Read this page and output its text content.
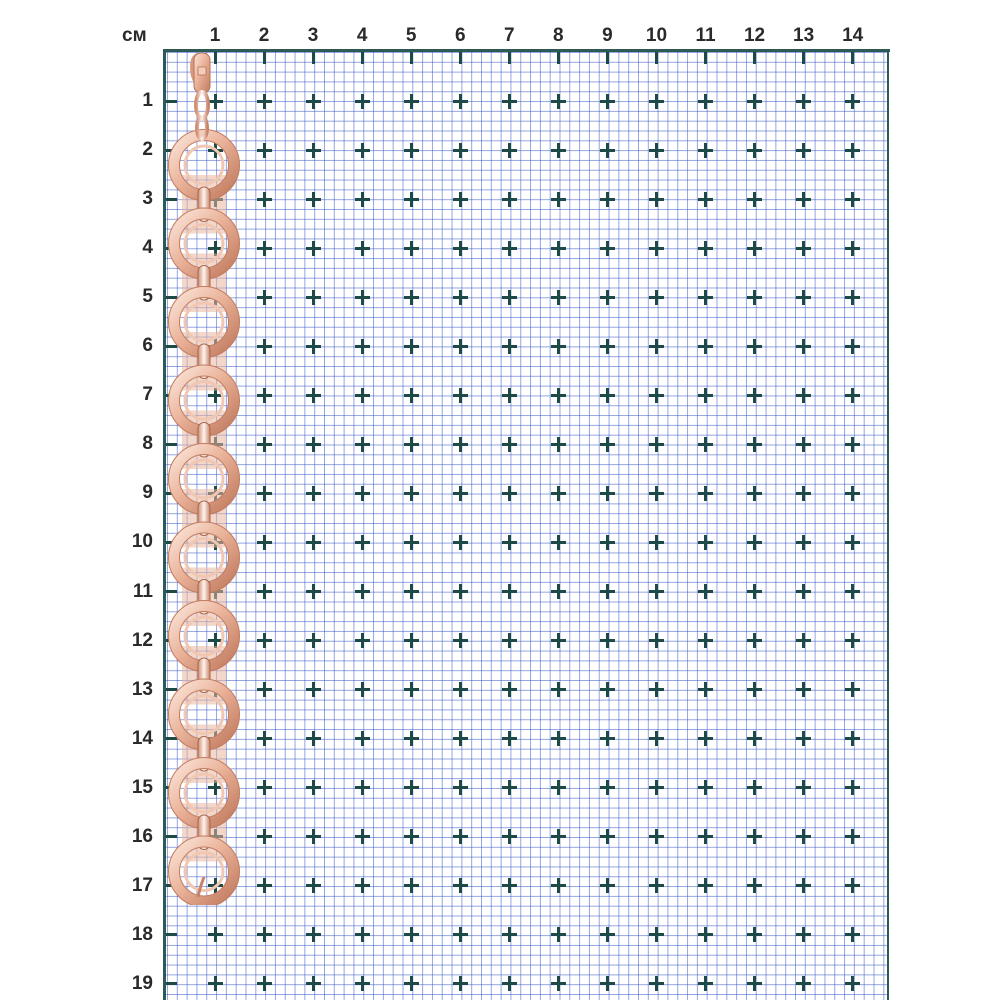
см	1 2 3 4 5 6 7 8 9 10 11 12 13 14
1
2
3
4
5
6
7
8
9
10
11
12
13
14
15
16
17
18
19
